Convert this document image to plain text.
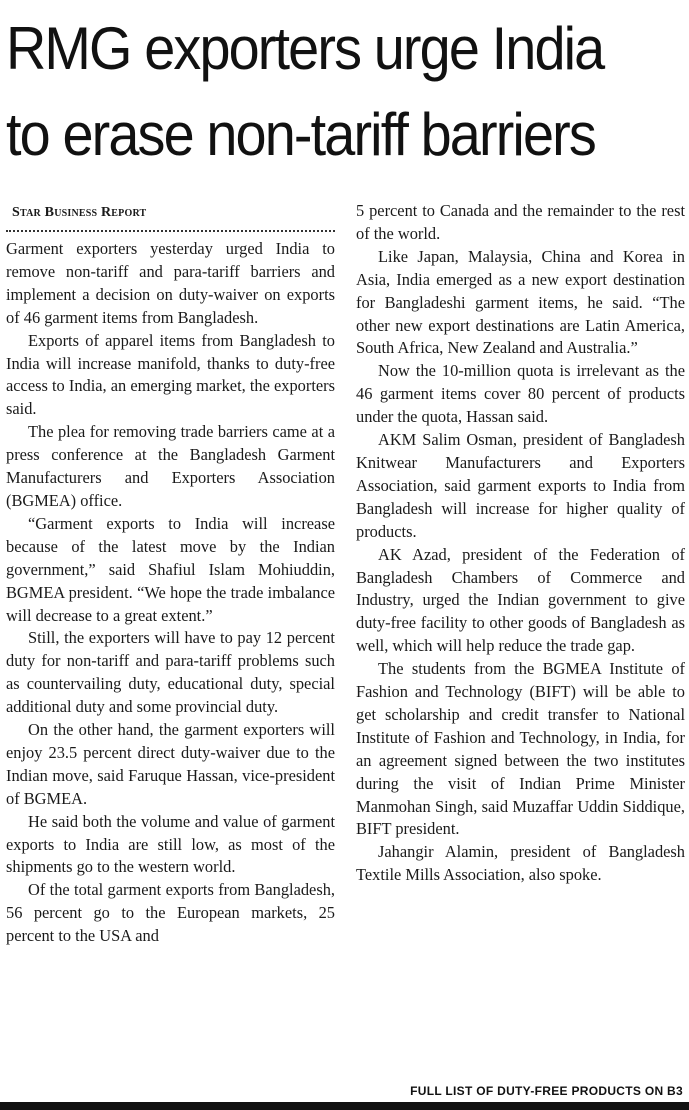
RMG exporters urge India
to erase non-tariff barriers
Star Business Report

Garment exporters yesterday urged India to remove non-tariff and para-tariff barriers and implement a decision on duty-waiver on exports of 46 garment items from Bangladesh.

Exports of apparel items from Bangladesh to India will increase manifold, thanks to duty-free access to India, an emerging market, the exporters said.

The plea for removing trade barriers came at a press conference at the Bangladesh Garment Manufacturers and Exporters Association (BGMEA) office.

“Garment exports to India will increase because of the latest move by the Indian government,” said Shafiul Islam Mohiuddin, BGMEA president. “We hope the trade imbalance will decrease to a great extent.”

Still, the exporters will have to pay 12 percent duty for non-tariff and para-tariff problems such as countervailing duty, educational duty, special additional duty and some provincial duty.

On the other hand, the garment exporters will enjoy 23.5 percent direct duty-waiver due to the Indian move, said Faruque Hassan, vice-president of BGMEA.

He said both the volume and value of garment exports to India are still low, as most of the shipments go to the western world.

Of the total garment exports from Bangladesh, 56 percent go to the European markets, 25 percent to the USA and

5 percent to Canada and the remainder to the rest of the world.

Like Japan, Malaysia, China and Korea in Asia, India emerged as a new export destination for Bangladeshi garment items, he said. “The other new export destinations are Latin America, South Africa, New Zealand and Australia.”

Now the 10-million quota is irrelevant as the 46 garment items cover 80 percent of products under the quota, Hassan said.

AKM Salim Osman, president of Bangladesh Knitwear Manufacturers and Exporters Association, said garment exports to India from Bangladesh will increase for higher quality of products.

AK Azad, president of the Federation of Bangladesh Chambers of Commerce and Industry, urged the Indian government to give duty-free facility to other goods of Bangladesh as well, which will help reduce the trade gap.

The students from the BGMEA Institute of Fashion and Technology (BIFT) will be able to get scholarship and credit transfer to National Institute of Fashion and Technology, in India, for an agreement signed between the two institutes during the visit of Indian Prime Minister Manmohan Singh, said Muzaffar Uddin Siddique, BIFT president.

Jahangir Alamin, president of Bangladesh Textile Mills Association, also spoke.

FULL LIST OF DUTY-FREE PRODUCTS ON B3
